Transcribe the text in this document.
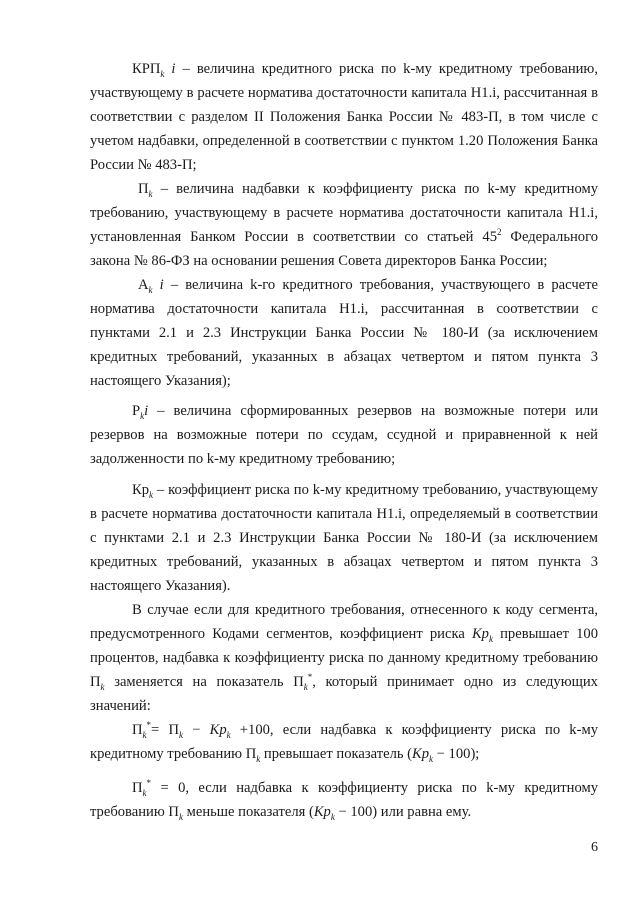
$КРП_k$ i – величина кредитного риска по k-му кредитному требованию, участвующему в расчете норматива достаточности капитала Н1.i, рассчитанная в соответствии с разделом II Положения Банка России № 483-П, в том числе с учетом надбавки, определенной в соответствии с пунктом 1.20 Положения Банка России № 483-П;

$П_k$ – величина надбавки к коэффициенту риска по k-му кредитному требованию, участвующему в расчете норматива достаточности капитала Н1.i, установленная Банком России в соответствии со статьей $45^2$ Федерального закона № 86-ФЗ на основании решения Совета директоров Банка России;

$А_k$ i – величина k-го кредитного требования, участвующего в расчете норматива достаточности капитала Н1.i, рассчитанная в соответствии с пунктами 2.1 и 2.3 Инструкции Банка России № 180-И (за исключением кредитных требований, указанных в абзацах четвертом и пятом пункта 3 настоящего Указания);

$Р_ki$ – величина сформированных резервов на возможные потери или резервов на возможные потери по ссудам, ссудной и приравненной к ней задолженности по k-му кредитному требованию;

$Кр_k$ – коэффициент риска по k-му кредитному требованию, участвующему в расчете норматива достаточности капитала Н1.i, определяемый в соответствии с пунктами 2.1 и 2.3 Инструкции Банка России № 180-И (за исключением кредитных требований, указанных в абзацах четвертом и пятом пункта 3 настоящего Указания).

В случае если для кредитного требования, отнесенного к коду сегмента, предусмотренного Кодами сегментов, коэффициент риска $Кр_k$ превышает 100 процентов, надбавка к коэффициенту риска по данному кредитному требованию $П_k$ заменяется на показатель $П_k^*$, который принимает одно из следующих значений:

$П_k^*= П_k - Кр_k +100$, если надбавка к коэффициенту риска по k-му кредитному требованию $П_k$ превышает показатель $(Кр_k - 100)$;

$П_k^* = 0$, если надбавка к коэффициенту риска по k-му кредитному требованию $П_k$ меньше показателя $(Кр_k - 100)$ или равна ему.

6
